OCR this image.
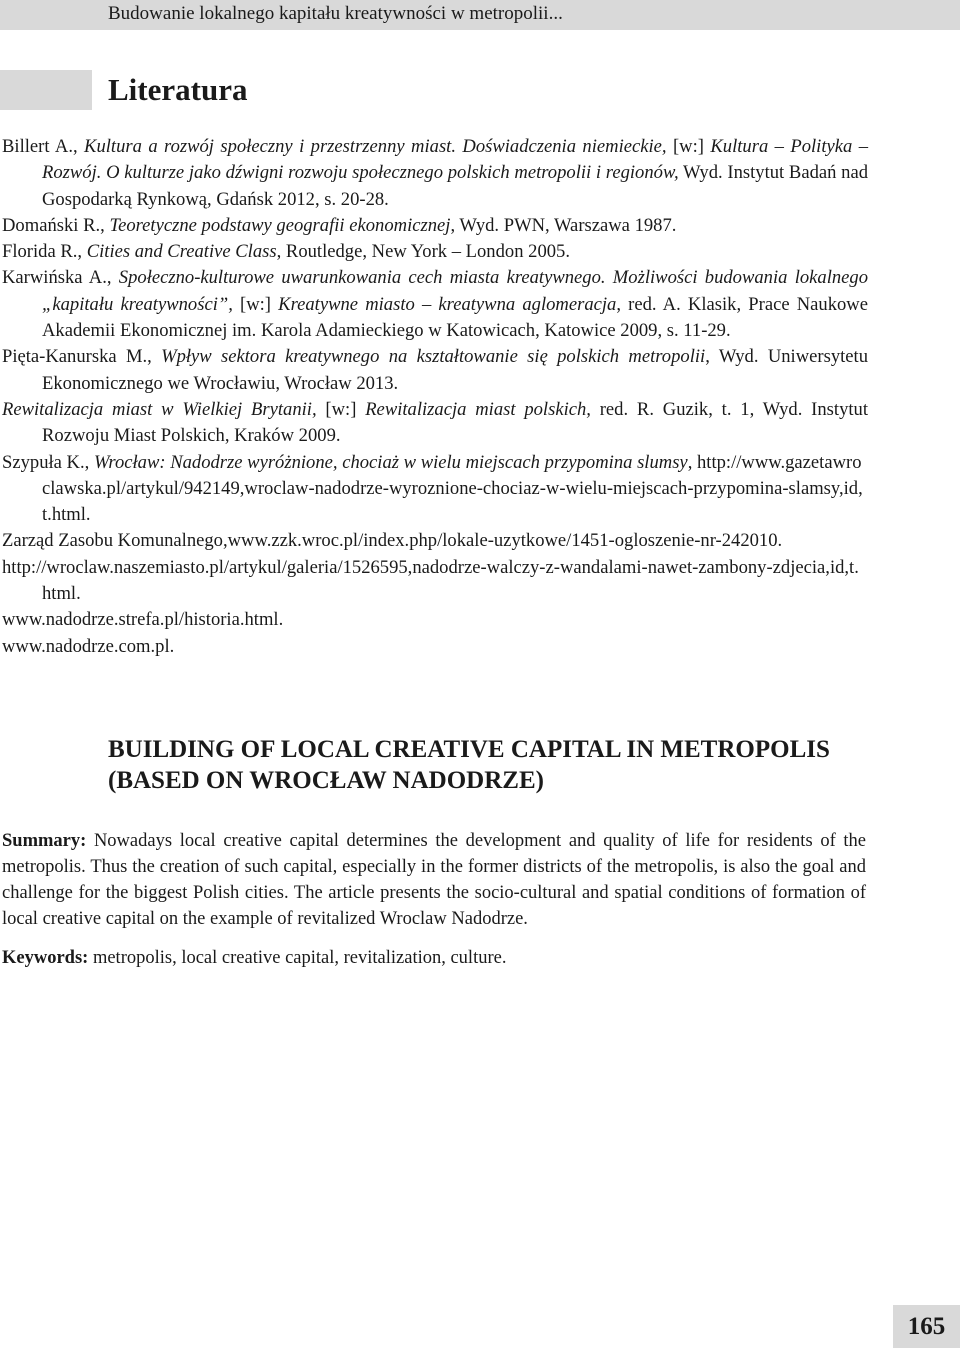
Budowanie lokalnego kapitału kreatywności w metropolii...
Literatura

Billert A., Kultura a rozwój społeczny i przestrzenny miast. Doświadczenia niemieckie, [w:] Kultura – Polityka – Rozwój. O kulturze jako dźwigni rozwoju społecznego polskich metropolii i regionów, Wyd. Instytut Badań nad Gospodarką Rynkową, Gdańsk 2012, s. 20-28.

Domański R., Teoretyczne podstawy geografii ekonomicznej, Wyd. PWN, Warszawa 1987.

Florida R., Cities and Creative Class, Routledge, New York – London 2005.

Karwińska A., Społeczno-kulturowe uwarunkowania cech miasta kreatywnego. Możliwości budowania lokalnego „kapitału kreatywności”, [w:] Kreatywne miasto – kreatywna aglomeracja, red. A. Klasik, Prace Naukowe Akademii Ekonomicznej im. Karola Adamieckiego w Katowicach, Katowice 2009, s. 11-29.

Pięta-Kanurska M., Wpływ sektora kreatywnego na kształtowanie się polskich metropolii, Wyd. Uniwersytetu Ekonomicznego we Wrocławiu, Wrocław 2013.

Rewitalizacja miast w Wielkiej Brytanii, [w:] Rewitalizacja miast polskich, red. R. Guzik, t. 1, Wyd. Instytut Rozwoju Miast Polskich, Kraków 2009.

Szypuła K., Wrocław: Nadodrze wyróżnione, chociaż w wielu miejscach przypomina slumsy, http://www.gazetawroclawska.pl/artykul/942149,wroclaw-nadodrze-wyroznione-chociaz-w-wielu-miejscach-przypomina-slamsy,id,t.html.

Zarząd Zasobu Komunalnego,www.zzk.wroc.pl/index.php/lokale-uzytkowe/1451-ogloszenie-nr-242010.

http://wroclaw.naszemiasto.pl/artykul/galeria/1526595,nadodrze-walczy-z-wandalami-nawet-zambony-zdjecia,id,t.html.

www.nadodrze.strefa.pl/historia.html.

www.nadodrze.com.pl.

BUILDING OF LOCAL CREATIVE CAPITAL IN METROPOLIS
(BASED ON WROCŁAW NADODRZE)

Summary: Nowadays local creative capital determines the development and quality of life for residents of the metropolis. Thus the creation of such capital, especially in the former districts of the metropolis, is also the goal and challenge for the biggest Polish cities. The article presents the socio-cultural and spatial conditions of formation of local creative capital on the example of revitalized Wroclaw Nadodrze.

Keywords: metropolis, local creative capital, revitalization, culture.

165
